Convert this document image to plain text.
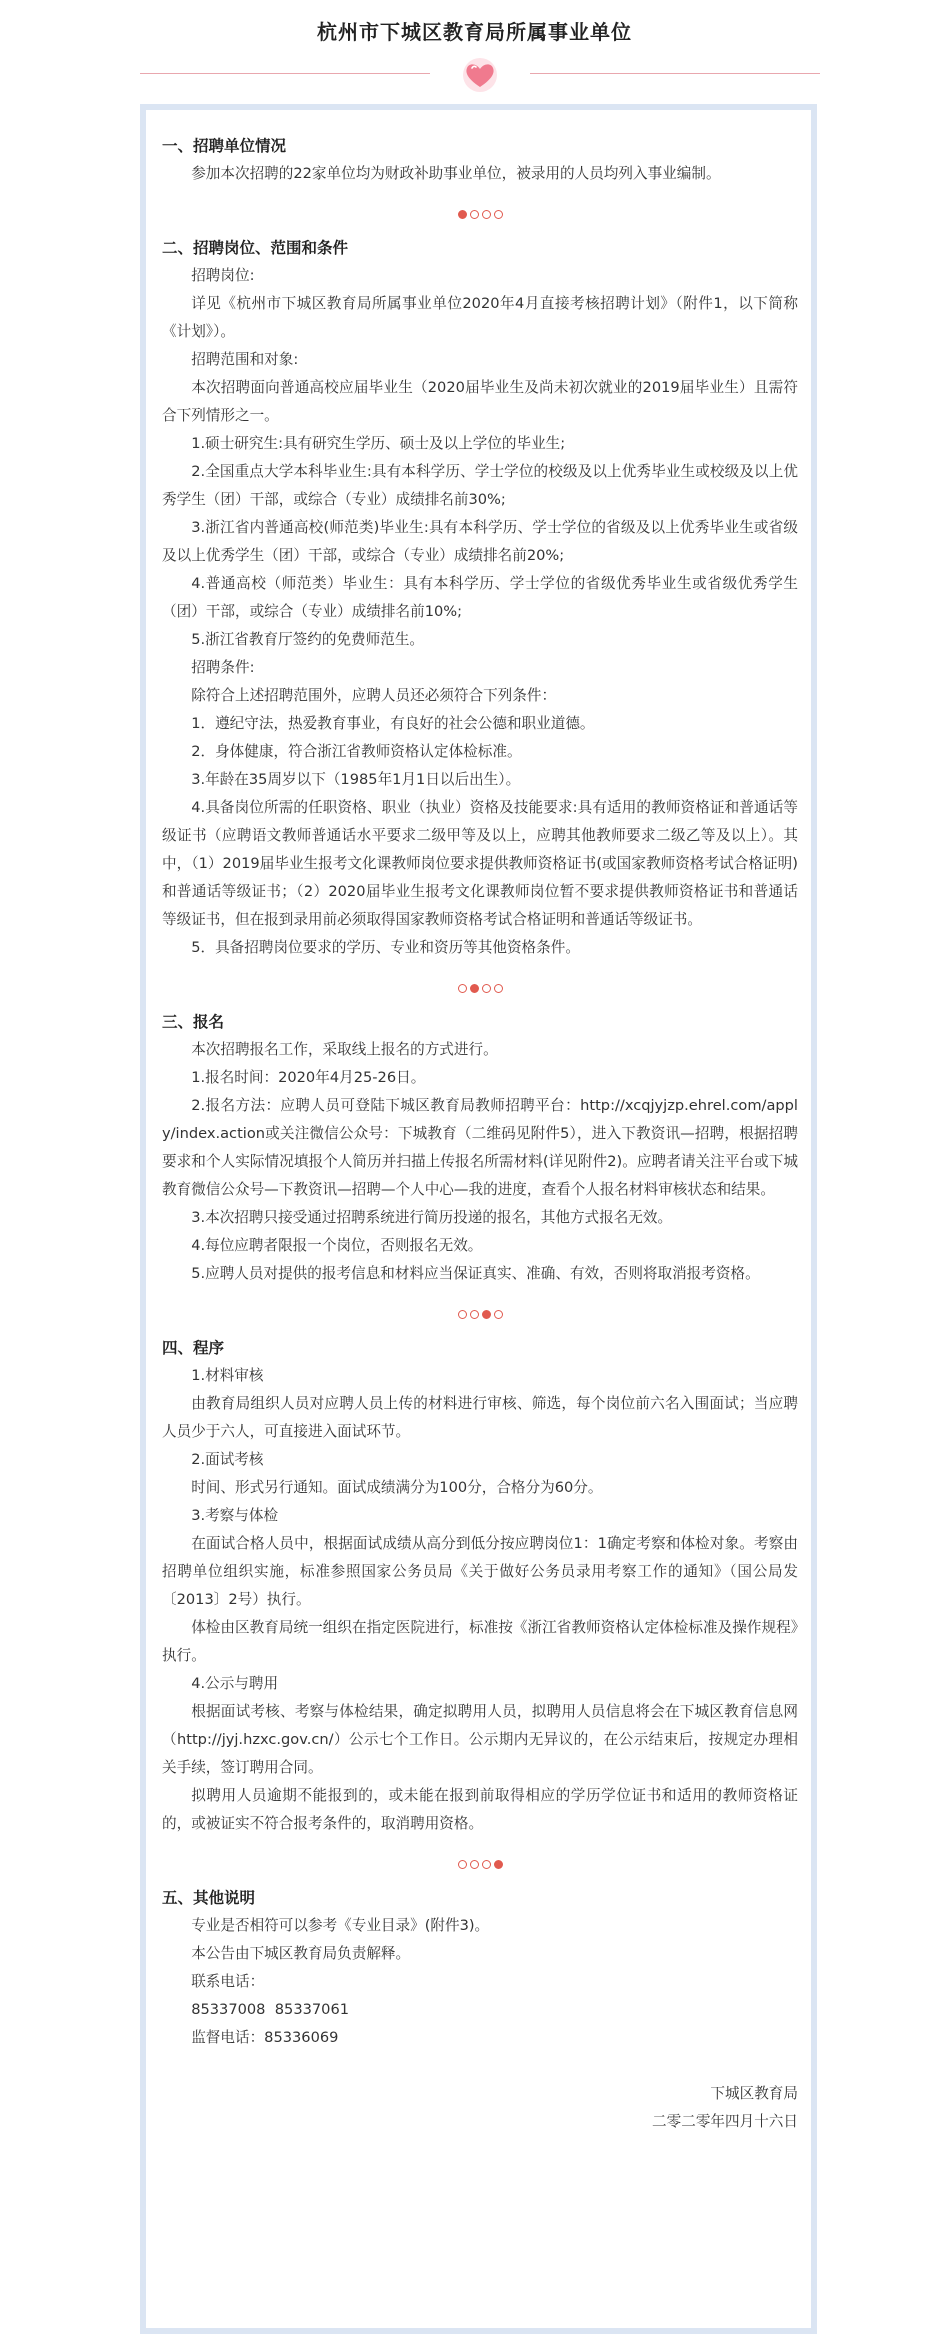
杭州市下城区教育局所属事业单位

一、招聘单位情况

参加本次招聘的22家单位均为财政补助事业单位，被录用的人员均列入事业编制。

二、招聘岗位、范围和条件

招聘岗位:

详见《杭州市下城区教育局所属事业单位2020年4月直接考核招聘计划》（附件1，以下简称《计划》）。

招聘范围和对象:

本次招聘面向普通高校应届毕业生（2020届毕业生及尚未初次就业的2019届毕业生）且需符合下列情形之一。

1.硕士研究生:具有研究生学历、硕士及以上学位的毕业生;

2.全国重点大学本科毕业生:具有本科学历、学士学位的校级及以上优秀毕业生或校级及以上优秀学生（团）干部，或综合（专业）成绩排名前30%;

3.浙江省内普通高校(师范类)毕业生:具有本科学历、学士学位的省级及以上优秀毕业生或省级及以上优秀学生（团）干部，或综合（专业）成绩排名前20%;

4.普通高校（师范类）毕业生：具有本科学历、学士学位的省级优秀毕业生或省级优秀学生（团）干部，或综合（专业）成绩排名前10%;

5.浙江省教育厅签约的免费师范生。

招聘条件:

除符合上述招聘范围外，应聘人员还必须符合下列条件：

1．遵纪守法，热爱教育事业，有良好的社会公德和职业道德。

2．身体健康，符合浙江省教师资格认定体检标准。

3.年龄在35周岁以下（1985年1月1日以后出生）。

4.具备岗位所需的任职资格、职业（执业）资格及技能要求:具有适用的教师资格证和普通话等级证书（应聘语文教师普通话水平要求二级甲等及以上，应聘其他教师要求二级乙等及以上）。其中，（1）2019届毕业生报考文化课教师岗位要求提供教师资格证书(或国家教师资格考试合格证明)和普通话等级证书；（2）2020届毕业生报考文化课教师岗位暂不要求提供教师资格证书和普通话等级证书，但在报到录用前必须取得国家教师资格考试合格证明和普通话等级证书。

5．具备招聘岗位要求的学历、专业和资历等其他资格条件。

三、报名

本次招聘报名工作，采取线上报名的方式进行。

1.报名时间：2020年4月25-26日。

2.报名方法：应聘人员可登陆下城区教育局教师招聘平台：http://xcqjyjzp.ehrel.com/apply/index.action或关注微信公众号：下城教育（二维码见附件5），进入下教资讯—招聘，根据招聘要求和个人实际情况填报个人简历并扫描上传报名所需材料(详见附件2)。应聘者请关注平台或下城教育微信公众号—下教资讯—招聘—个人中心—我的进度，查看个人报名材料审核状态和结果。

3.本次招聘只接受通过招聘系统进行简历投递的报名，其他方式报名无效。

4.每位应聘者限报一个岗位，否则报名无效。

5.应聘人员对提供的报考信息和材料应当保证真实、准确、有效，否则将取消报考资格。

四、程序

1.材料审核

由教育局组织人员对应聘人员上传的材料进行审核、筛选，每个岗位前六名入围面试；当应聘人员少于六人，可直接进入面试环节。

2.面试考核

时间、形式另行通知。面试成绩满分为100分，合格分为60分。

3.考察与体检

在面试合格人员中，根据面试成绩从高分到低分按应聘岗位1：1确定考察和体检对象。考察由招聘单位组织实施，标准参照国家公务员局《关于做好公务员录用考察工作的通知》（国公局发〔2013〕2号）执行。

体检由区教育局统一组织在指定医院进行，标准按《浙江省教师资格认定体检标准及操作规程》执行。

4.公示与聘用

根据面试考核、考察与体检结果，确定拟聘用人员，拟聘用人员信息将会在下城区教育信息网（http://jyj.hzxc.gov.cn/）公示七个工作日。公示期内无异议的，在公示结束后，按规定办理相关手续，签订聘用合同。

拟聘用人员逾期不能报到的，或未能在报到前取得相应的学历学位证书和适用的教师资格证的，或被证实不符合报考条件的，取消聘用资格。

五、其他说明

专业是否相符可以参考《专业目录》(附件3)。

本公告由下城区教育局负责解释。

联系电话：

85337008  85337061

监督电话：85336069

下城区教育局

二零二零年四月十六日
